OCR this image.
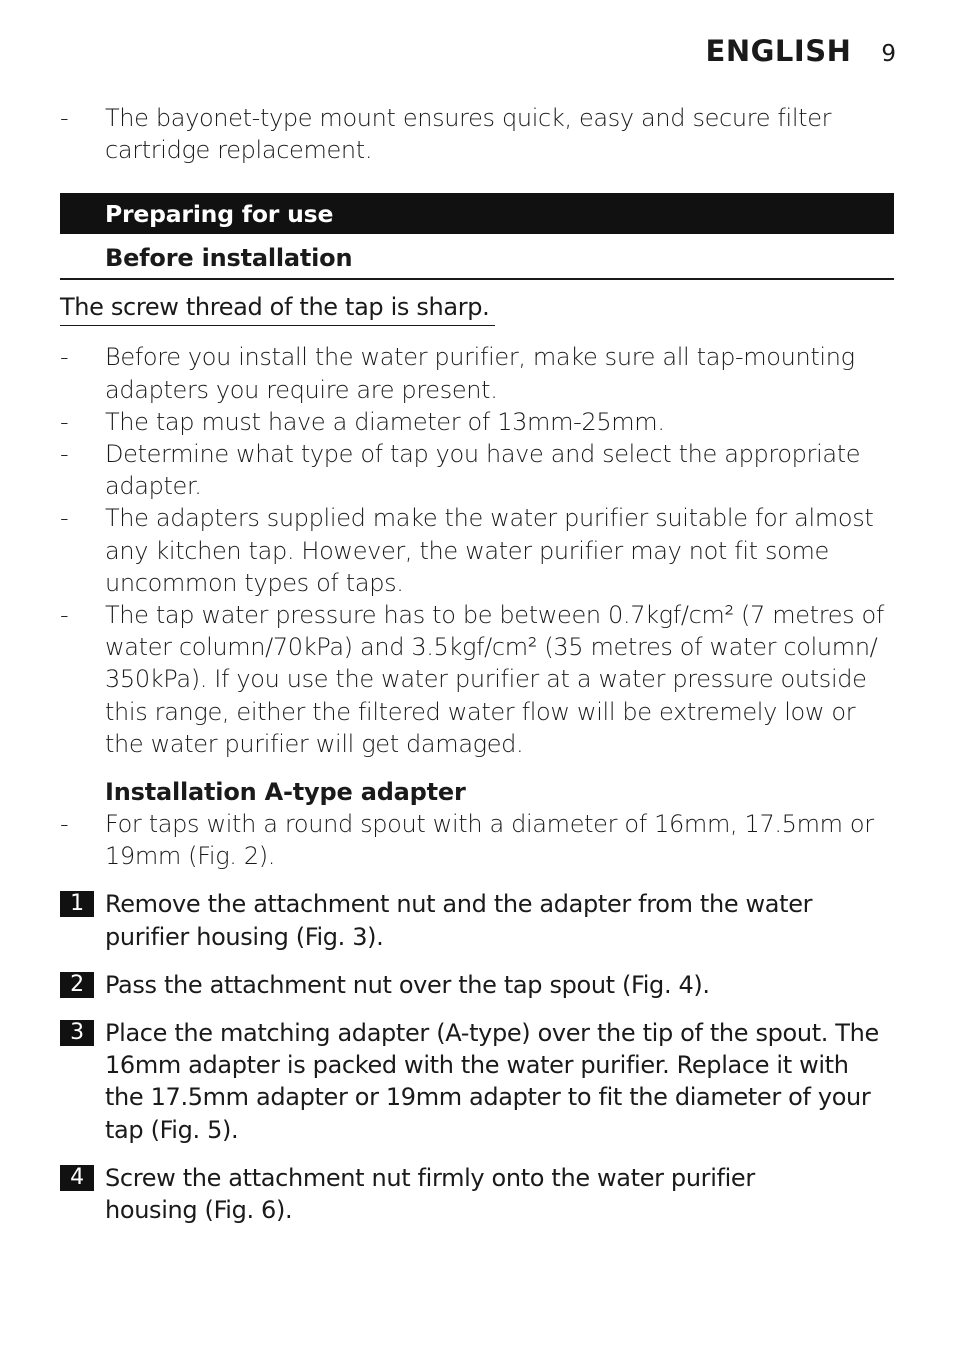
ENGLISH 9
- The bayonet-type mount ensures quick, easy and secure filter cartridge replacement.
Preparing for use
Before installation
The screw thread of the tap is sharp.
- Before you install the water purifier, make sure all tap-mounting adapters you require are present.
- The tap must have a diameter of 13mm-25mm.
- Determine what type of tap you have and select the appropriate adapter.
- The adapters supplied make the water purifier suitable for almost any kitchen tap. However, the water purifier may not fit some uncommon types of taps.
- The tap water pressure has to be between 0.7kgf/cm² (7 metres of water column/70kPa) and 3.5kgf/cm² (35 metres of water column/ 350kPa). If you use the water purifier at a water pressure outside this range, either the filtered water flow will be extremely low or the water purifier will get damaged.
Installation A-type adapter
- For taps with a round spout with a diameter of 16mm, 17.5mm or 19mm (Fig. 2).
1 Remove the attachment nut and the adapter from the water purifier housing (Fig. 3).
2 Pass the attachment nut over the tap spout (Fig. 4).
3 Place the matching adapter (A-type) over the tip of the spout. The 16mm adapter is packed with the water purifier. Replace it with the 17.5mm adapter or 19mm adapter to fit the diameter of your tap (Fig. 5).
4 Screw the attachment nut firmly onto the water purifier housing (Fig. 6).
